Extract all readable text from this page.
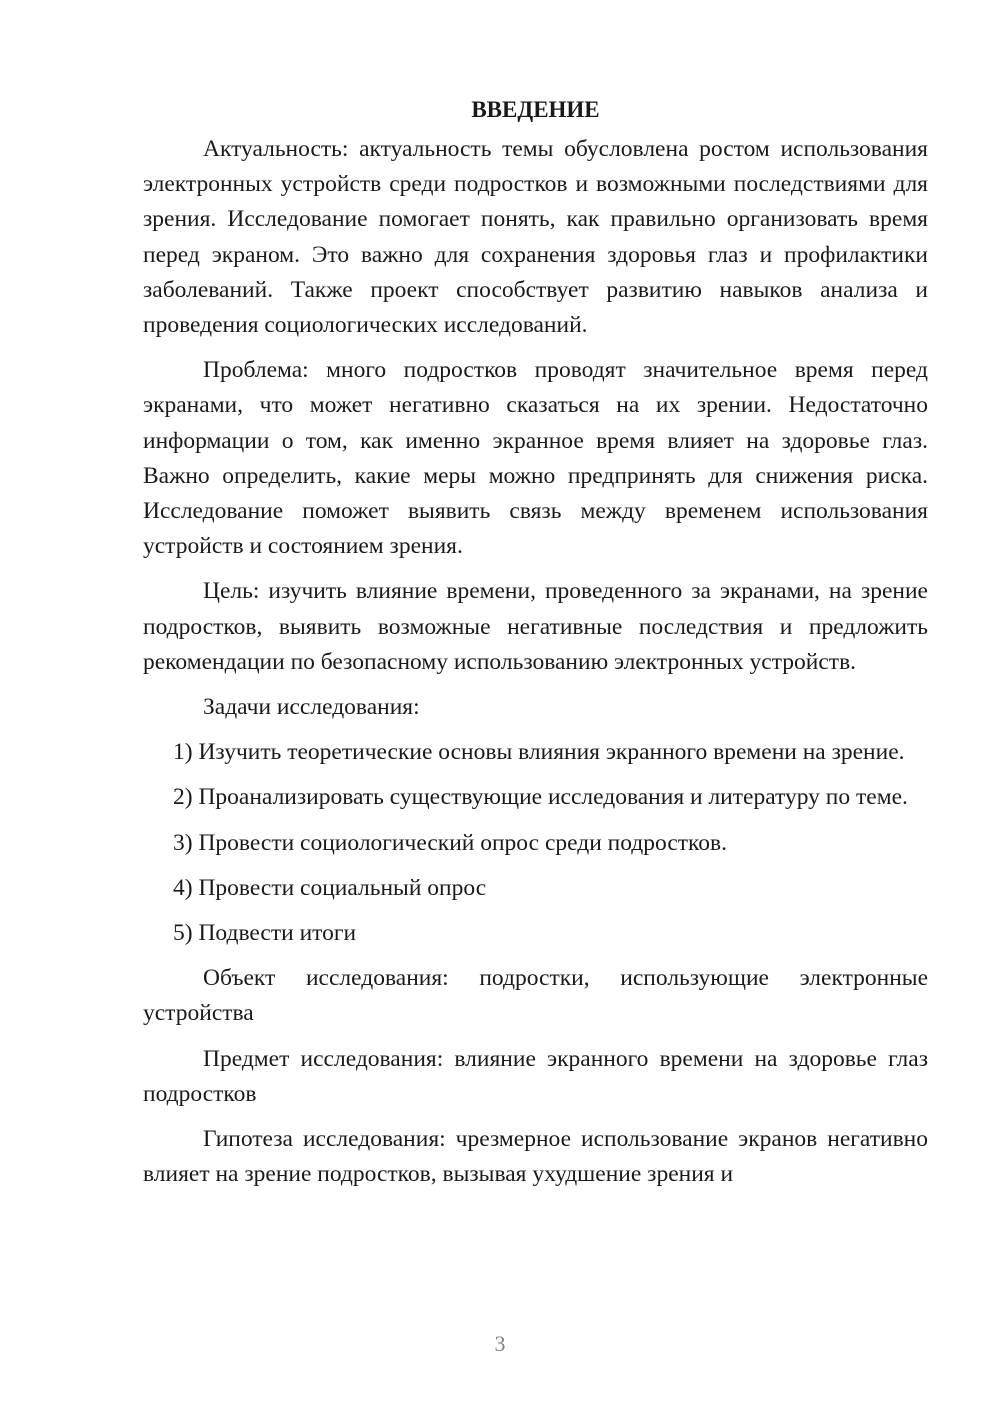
ВВЕДЕНИЕ

Актуальность: актуальность темы обусловлена ростом использования электронных устройств среди подростков и возможными последствиями для зрения. Исследование помогает понять, как правильно организовать время перед экраном. Это важно для сохранения здоровья глаз и профилактики заболеваний. Также проект способствует развитию навыков анализа и проведения социологических исследований.

Проблема: много подростков проводят значительное время перед экранами, что может негативно сказаться на их зрении. Недостаточно информации о том, как именно экранное время влияет на здоровье глаз. Важно определить, какие меры можно предпринять для снижения риска. Исследование поможет выявить связь между временем использования устройств и состоянием зрения.

Цель: изучить влияние времени, проведенного за экранами, на зрение подростков, выявить возможные негативные последствия и предложить рекомендации по безопасному использованию электронных устройств.

Задачи исследования:

1) Изучить теоретические основы влияния экранного времени на зрение.

2) Проанализировать существующие исследования и литературу по теме.

3) Провести социологический опрос среди подростков.

4) Провести социальный опрос

5) Подвести итоги

Объект исследования: подростки, использующие электронные устройства

Предмет исследования: влияние экранного времени на здоровье глаз подростков

Гипотеза исследования: чрезмерное использование экранов негативно влияет на зрение подростков, вызывая ухудшение зрения и

3
